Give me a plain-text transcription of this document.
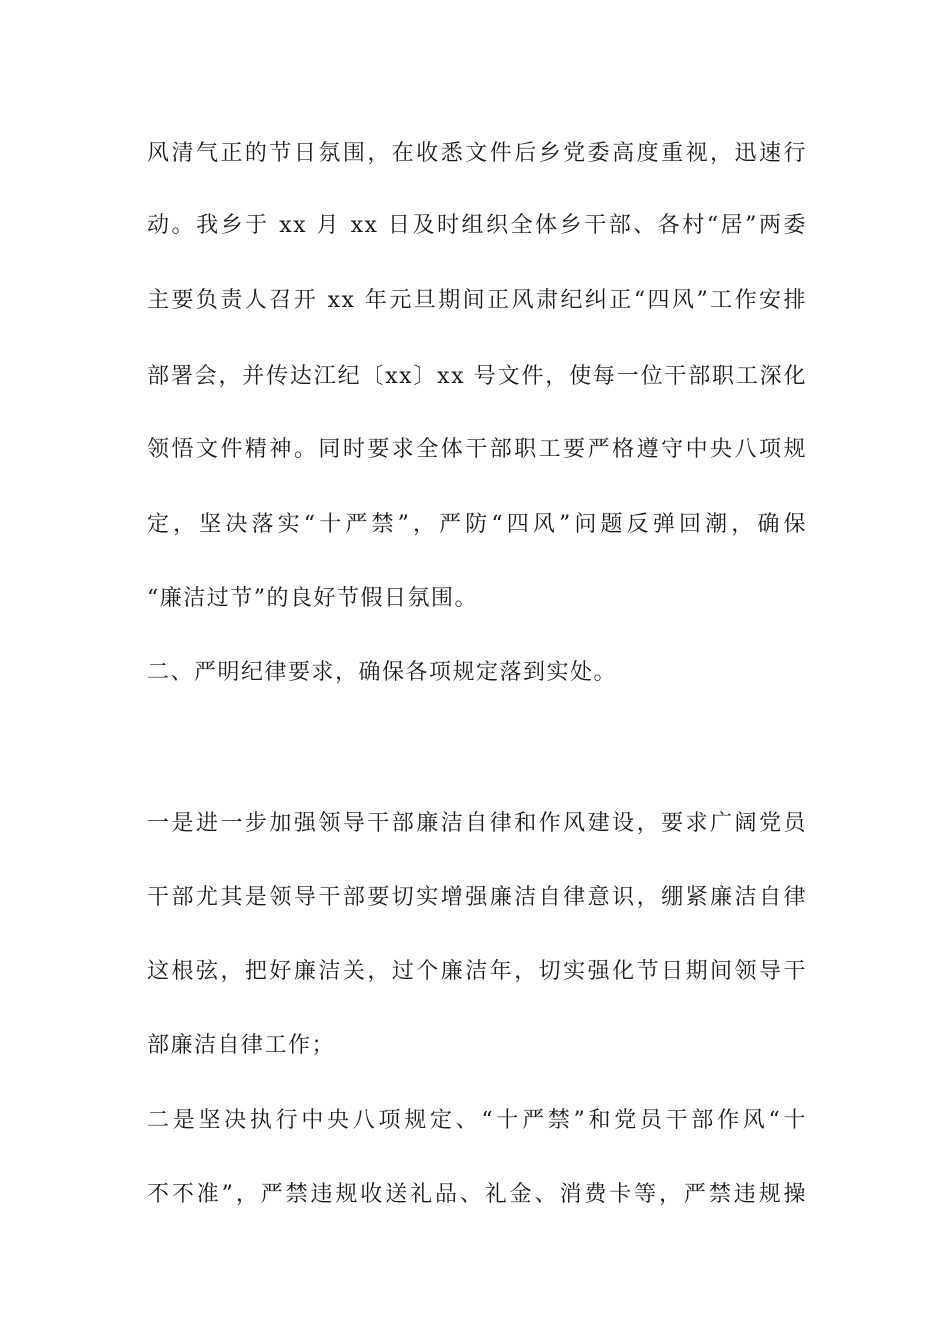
风清气正的节日氛围，在收悉文件后乡党委高度重视，迅速行
动。我乡于 xx 月 xx 日及时组织全体乡干部、各村“居”两委
主要负责人召开 xx 年元旦期间正风肃纪纠正“四风”工作安排
部署会，并传达江纪〔xx〕xx 号文件，使每一位干部职工深化
领悟文件精神。同时要求全体干部职工要严格遵守中央八项规
定，坚决落实“十严禁”，严防“四风”问题反弹回潮，确保
“廉洁过节”的良好节假日氛围。
二、严明纪律要求，确保各项规定落到实处。
一是进一步加强领导干部廉洁自律和作风建设，要求广阔党员
干部尤其是领导干部要切实增强廉洁自律意识，绷紧廉洁自律
这根弦，把好廉洁关，过个廉洁年，切实强化节日期间领导干
部廉洁自律工作；
二是坚决执行中央八项规定、“十严禁”和党员干部作风“十
不不准”，严禁违规收送礼品、礼金、消费卡等，严禁违规操
